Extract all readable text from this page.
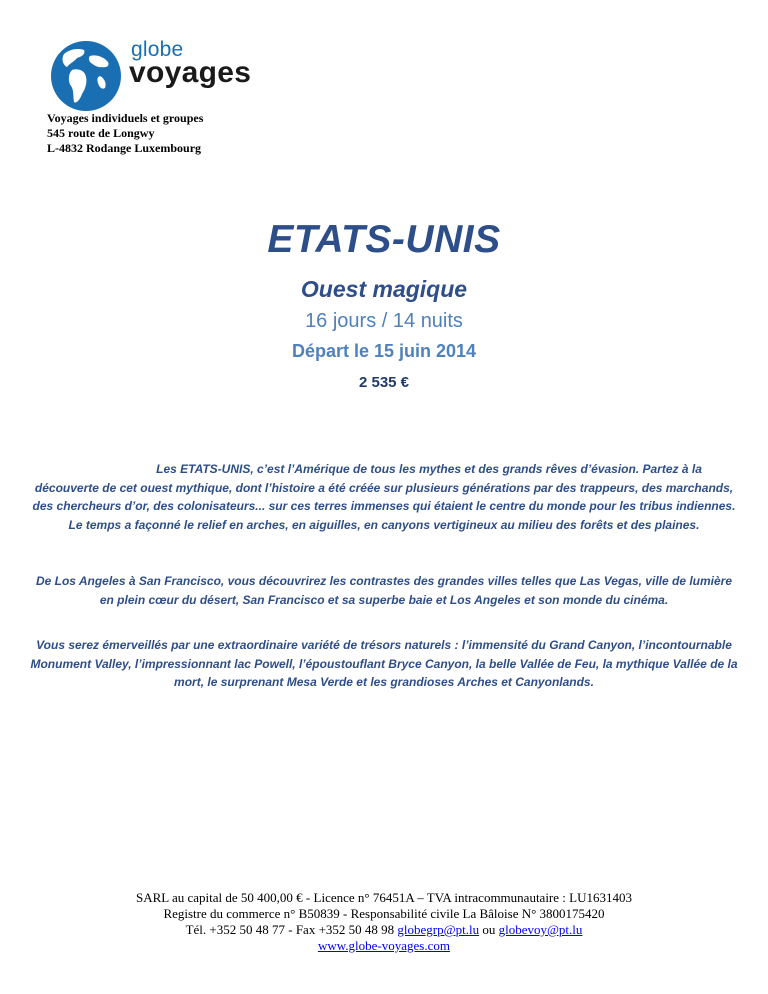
globe
voyages
Voyages individuels et groupes
545 route de Longwy
L-4832 Rodange Luxembourg
ETATS-UNIS
Ouest magique
16 jours / 14 nuits
Départ le 15 juin 2014
2 535 €
Les ETATS-UNIS, c’est l’Amérique de tous les mythes et des grands rêves d’évasion. Partez à la
découverte de cet ouest mythique, dont l’histoire a été créée sur plusieurs générations par des trappeurs, des marchands, des chercheurs d’or, des colonisateurs... sur ces terres immenses qui étaient le centre du monde pour les tribus indiennes. Le temps a façonné le relief en arches, en aiguilles, en canyons vertigineux au milieu des forêts et des plaines.
De Los Angeles à San Francisco, vous découvrirez les contrastes des grandes villes telles que Las Vegas, ville de lumière en plein cœur du désert, San Francisco et sa superbe baie et Los Angeles et son monde du cinéma.
Vous serez émerveillés par une extraordinaire variété de trésors naturels : l’immensité du Grand Canyon, l’incontournable Monument Valley, l’impressionnant lac Powell, l’époustouflant Bryce Canyon, la belle Vallée de Feu, la mythique Vallée de la mort, le surprenant Mesa Verde et les grandioses Arches et Canyonlands.
SARL au capital de 50 400,00 € - Licence n° 76451A – TVA intracommunautaire : LU1631403
Registre du commerce n° B50839 - Responsabilité civile La Bâloise N° 3800175420
Tél. +352 50 48 77 - Fax +352 50 48 98 globegrp@pt.lu ou globevoy@pt.lu
www.globe-voyages.com
